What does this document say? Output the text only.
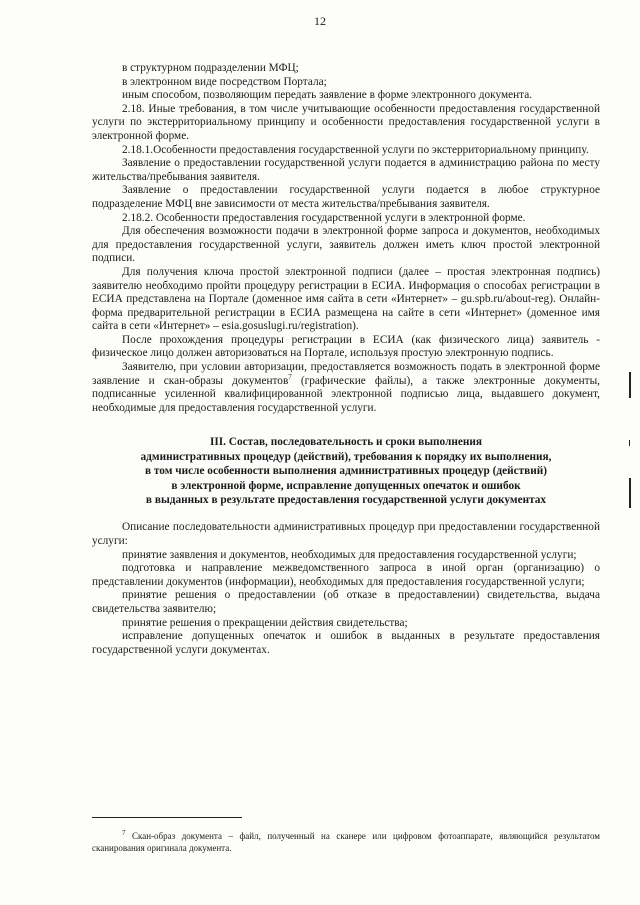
12

в структурном подразделении МФЦ;

в электронном виде посредством Портала;

иным способом, позволяющим передать заявление в форме электронного документа.

2.18. Иные требования, в том числе учитывающие особенности предоставления государственной услуги по экстерриториальному принципу и особенности предоставления государственной услуги в электронной форме.

2.18.1.Особенности предоставления государственной услуги по экстерриториальному принципу.

Заявление о предоставлении государственной услуги подается в администрацию района по месту жительства/пребывания заявителя.

Заявление о предоставлении государственной услуги подается в любое структурное подразделение МФЦ вне зависимости от места жительства/пребывания заявителя.

2.18.2. Особенности предоставления государственной услуги в электронной форме.

Для обеспечения возможности подачи в электронной форме запроса и документов, необходимых для предоставления государственной услуги, заявитель должен иметь ключ простой электронной подписи.

Для получения ключа простой электронной подписи (далее – простая электронная подпись) заявителю необходимо пройти процедуру регистрации в ЕСИА. Информация о способах регистрации в ЕСИА представлена на Портале (доменное имя сайта в сети «Интернет» – gu.spb.ru/about-reg). Онлайн-форма предварительной регистрации в ЕСИА размещена на сайте в сети «Интернет» (доменное имя сайта в сети «Интернет» – esia.gosuslugi.ru/registration).

После прохождения процедуры регистрации в ЕСИА (как физического лица) заявитель - физическое лицо должен авторизоваться на Портале, используя простую электронную подпись.

Заявителю, при условии авторизации, предоставляется возможность подать в электронной форме заявление и скан-образы документов$^7$ (графические файлы), а также электронные документы, подписанные усиленной квалифицированной электронной подписью лица, выдавшего документ, необходимые для предоставления государственной услуги.

III. Состав, последовательность и сроки выполнения
административных процедур (действий), требования к порядку их выполнения,
в том числе особенности выполнения административных процедур (действий)
в электронной форме, исправление допущенных опечаток и ошибок
в выданных в результате предоставления государственной услуги документах

Описание последовательности административных процедур при предоставлении государственной услуги:

принятие заявления и документов, необходимых для предоставления государственной услуги;

подготовка и направление межведомственного запроса в иной орган (организацию) о представлении документов (информации), необходимых для предоставления государственной услуги;

принятие решения о предоставлении (об отказе в предоставлении) свидетельства, выдача свидетельства заявителю;

принятие решения о прекращении действия свидетельства;

исправление допущенных опечаток и ошибок в выданных в результате предоставления государственной услуги документах.

$^7$ Скан-образ документа – файл, полученный на сканере или цифровом фотоаппарате, являющийся результатом сканирования оригинала документа.
